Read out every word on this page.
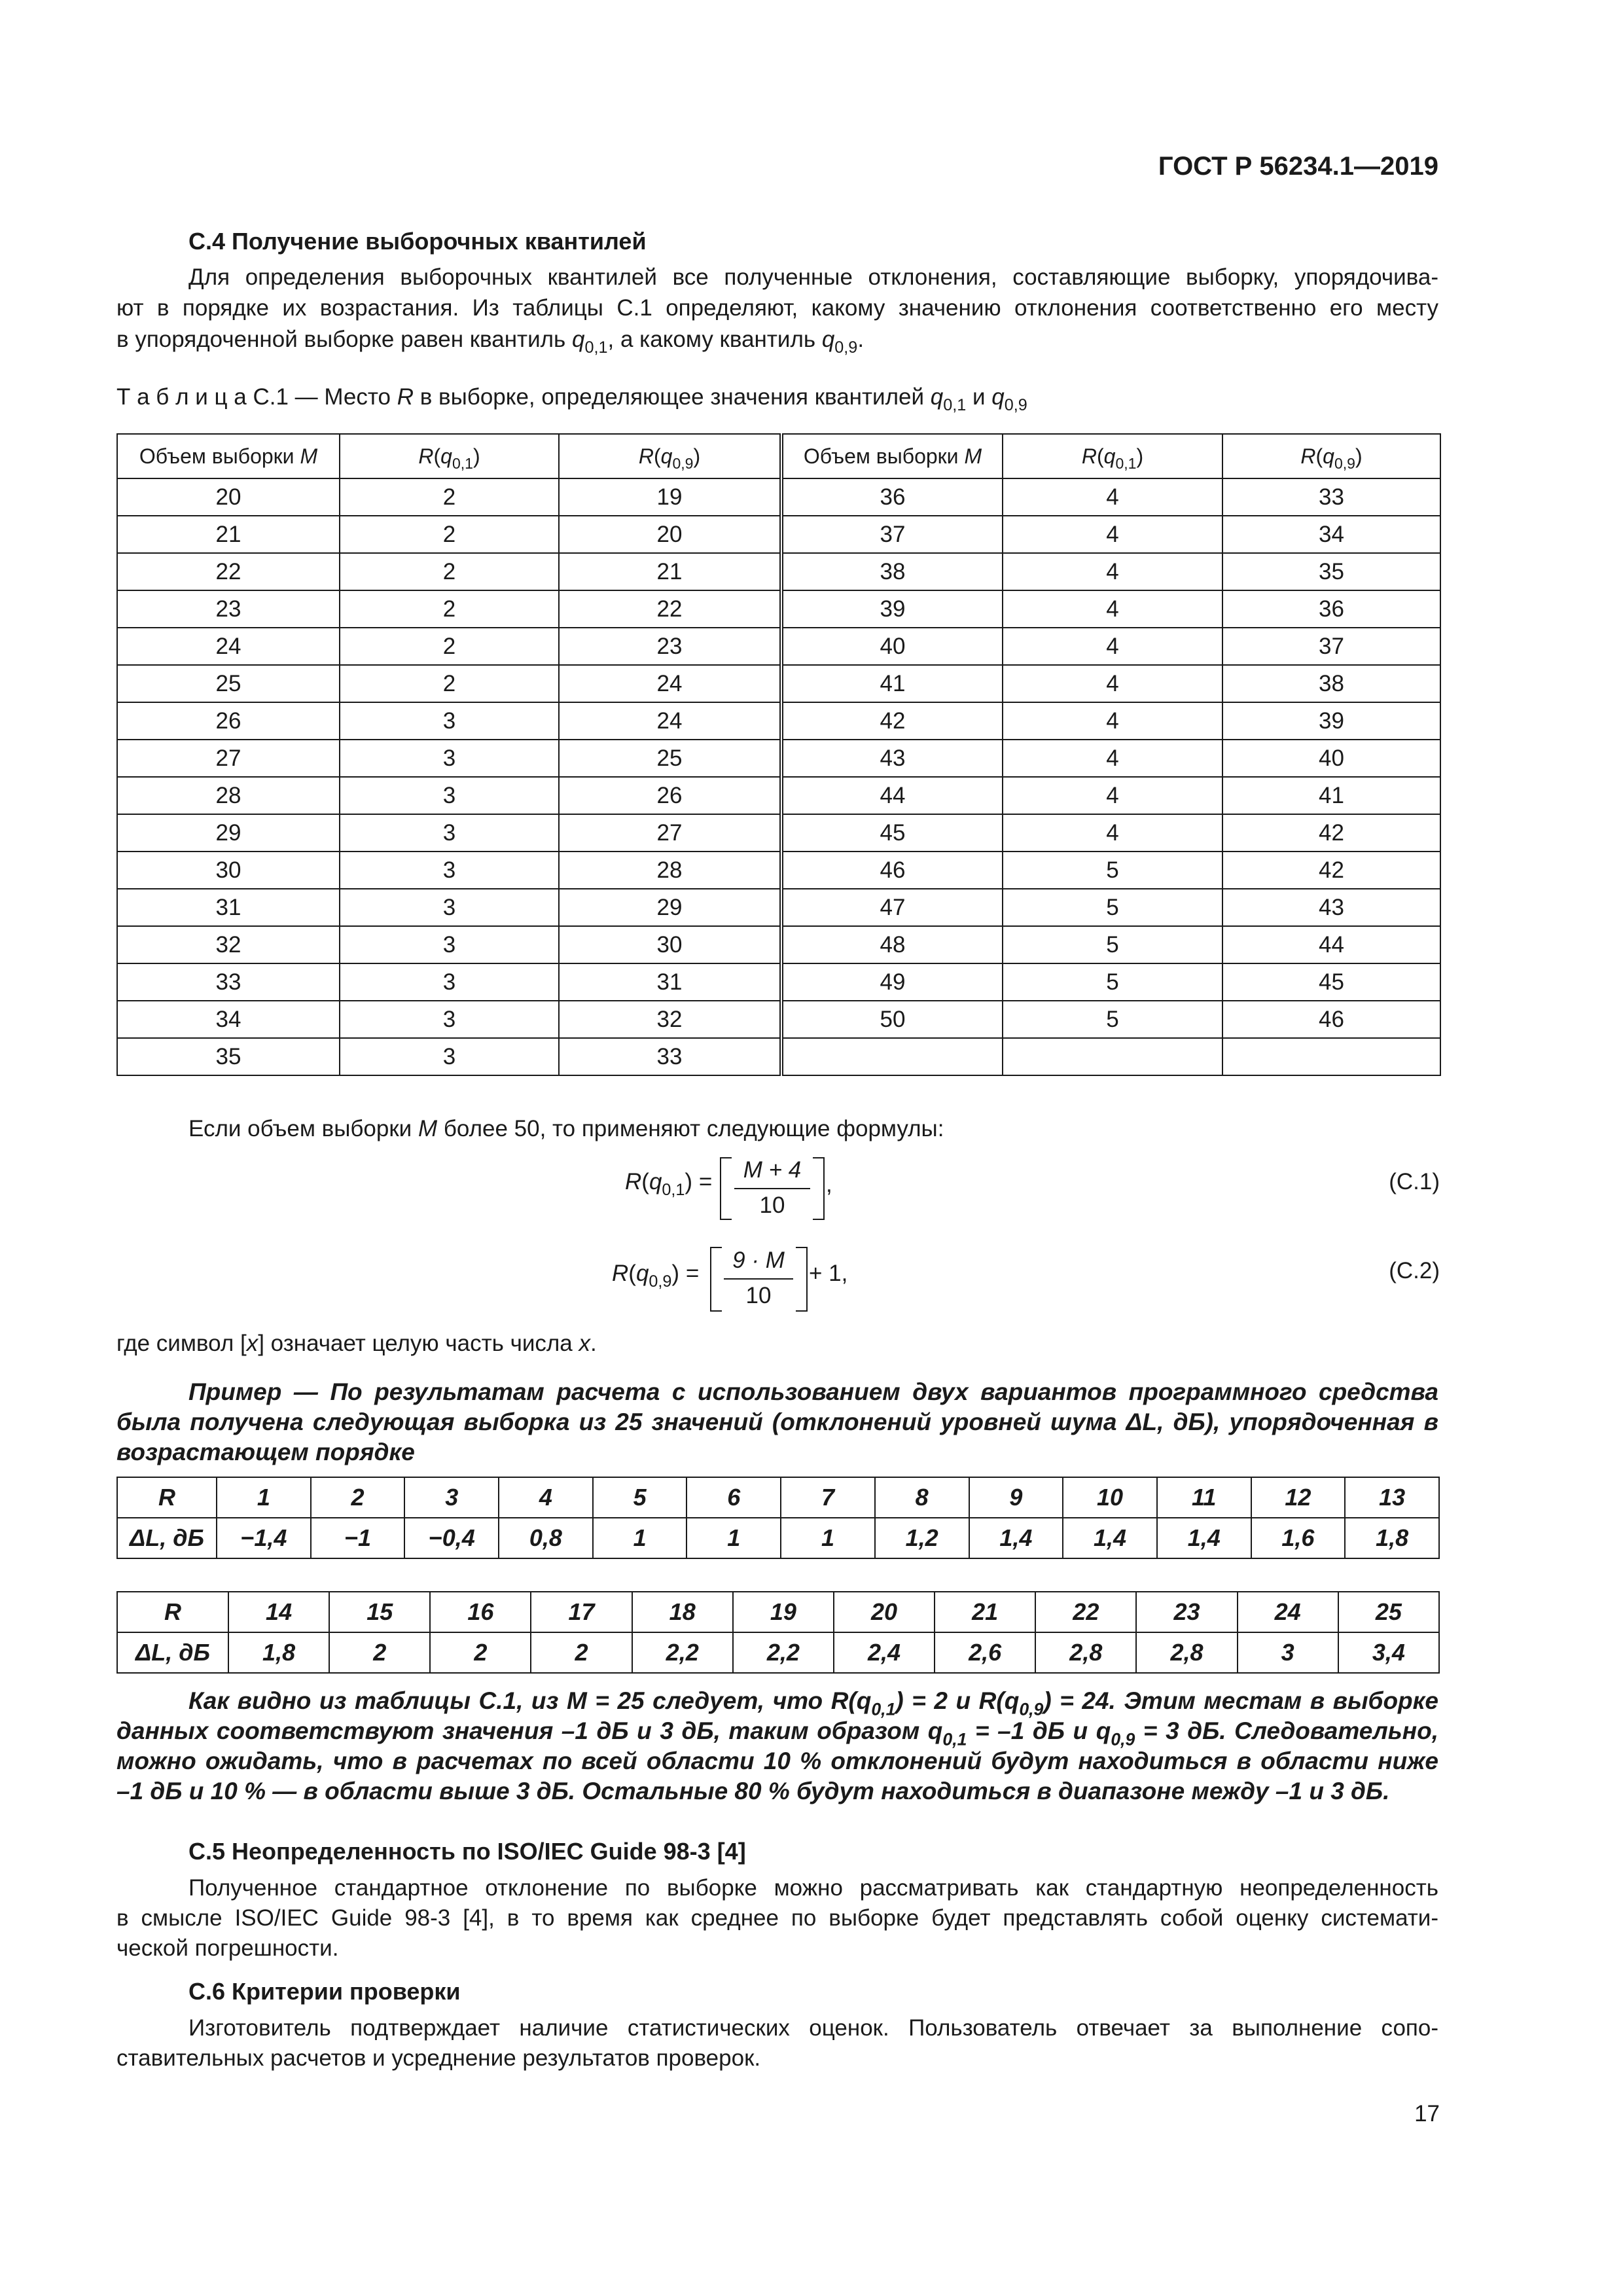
ГОСТ Р 56234.1—2019
С.4 Получение выборочных квантилей
Для определения выборочных квантилей все полученные отклонения, составляющие выборку, упорядочива-
ют в порядке их возрастания. Из таблицы С.1 определяют, какому значению отклонения соответственно его месту
в упорядоченной выборке равен квантиль $q_{0,1}$, а какому квантиль $q_{0,9}$.
Т а б л и ц а С.1 — Место R в выборке, определяющее значения квантилей $q_{0,1}$ и $q_{0,9}$
Объем выборки M	$R(q_{0,1})$	$R(q_{0,9})$	Объем выборки M	$R(q_{0,1})$	$R(q_{0,9})$
20	2	19	36	4	33
21	2	20	37	4	34
22	2	21	38	4	35
23	2	22	39	4	36
24	2	23	40	4	37
25	2	24	41	4	38
26	3	24	42	4	39
27	3	25	43	4	40
28	3	26	44	4	41
29	3	27	45	4	42
30	3	28	46	5	42
31	3	29	47	5	43
32	3	30	48	5	44
33	3	31	49	5	45
34	3	32	50	5	46
35	3	33			
Если объем выборки M более 50, то применяют следующие формулы:
$R(q_{0,1})$ =	M + 4
10
,	(С.1)
$R(q_{0,9})$ =
9 · M
10
+ 1,	(С.2)
где символ [x] означает целую часть числа x.
Пример — По результатам расчета с использованием двух вариантов программного средства
была получена следующая выборка из 25 значений (отклонений уровней шума ΔL, дБ), упорядоченная в
возрастающем порядке
R	1	2	3	4	5	6	7	8	9	10	11	12	13
ΔL, дБ	−1,4	−1	−0,4	0,8	1	1	1	1,2	1,4	1,4	1,4	1,6	1,8
R	14	15	16	17	18	19	20	21	22	23	24	25
ΔL, дБ	1,8	2	2	2	2,2	2,2	2,4	2,6	2,8	2,8	3	3,4
Как видно из таблицы С.1, из M = 25 следует, что $R(q_{0,1}) = 2$ и $R(q_{0,9}) = 24$. Этим местам в выборке
данных соответствуют значения –1 дБ и 3 дБ, таким образом $q_{0,1} = -1$ дБ и $q_{0,9} = 3$ дБ. Следовательно,
можно ожидать, что в расчетах по всей области 10 % отклонений будут находиться в области ниже
–1 дБ и 10 % — в области выше 3 дБ. Остальные 80 % будут находиться в диапазоне между –1 и 3 дБ.
С.5 Неопределенность по ISO/IEC Guide 98-3 [4]
Полученное стандартное отклонение по выборке можно рассматривать как стандартную неопределенность
в смысле ISO/IEC Guide 98-3 [4], в то время как среднее по выборке будет представлять собой оценку системати-
ческой погрешности.
С.6 Критерии проверки
Изготовитель подтверждает наличие статистических оценок. Пользователь отвечает за выполнение сопо-
ставительных расчетов и усреднение результатов проверок.
17
